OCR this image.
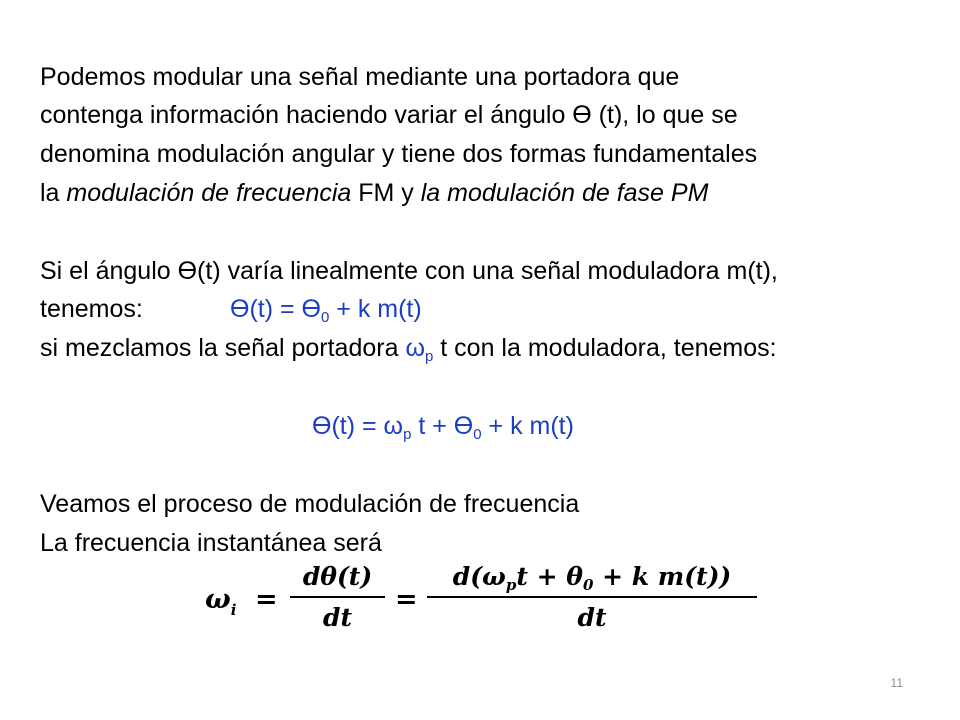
Podemos modular una señal mediante una portadora que
contenga información haciendo variar el ángulo Ө (t), lo que se
denomina modulación angular y tiene dos formas fundamentales
la modulación de frecuencia FM y la modulación de fase PM
Si el ángulo Ө(t) varía linealmente con una señal moduladora m(t),
tenemos:	$Ө(t) = Ө_0 + k$ m(t)
si mezclamos la señal portadora $\omega_p$ t con la moduladora, tenemos:
$Ө(t) = \omega_p$ $t + Ө_0 + k$ m(t)
Veamos el proceso de modulación de frecuencia
La frecuencia instantánea será
$\omega_i$ =
dθ(t)
dt
=
$d(\omega_pt + \theta_0 + k$ m(t))
dt
11
